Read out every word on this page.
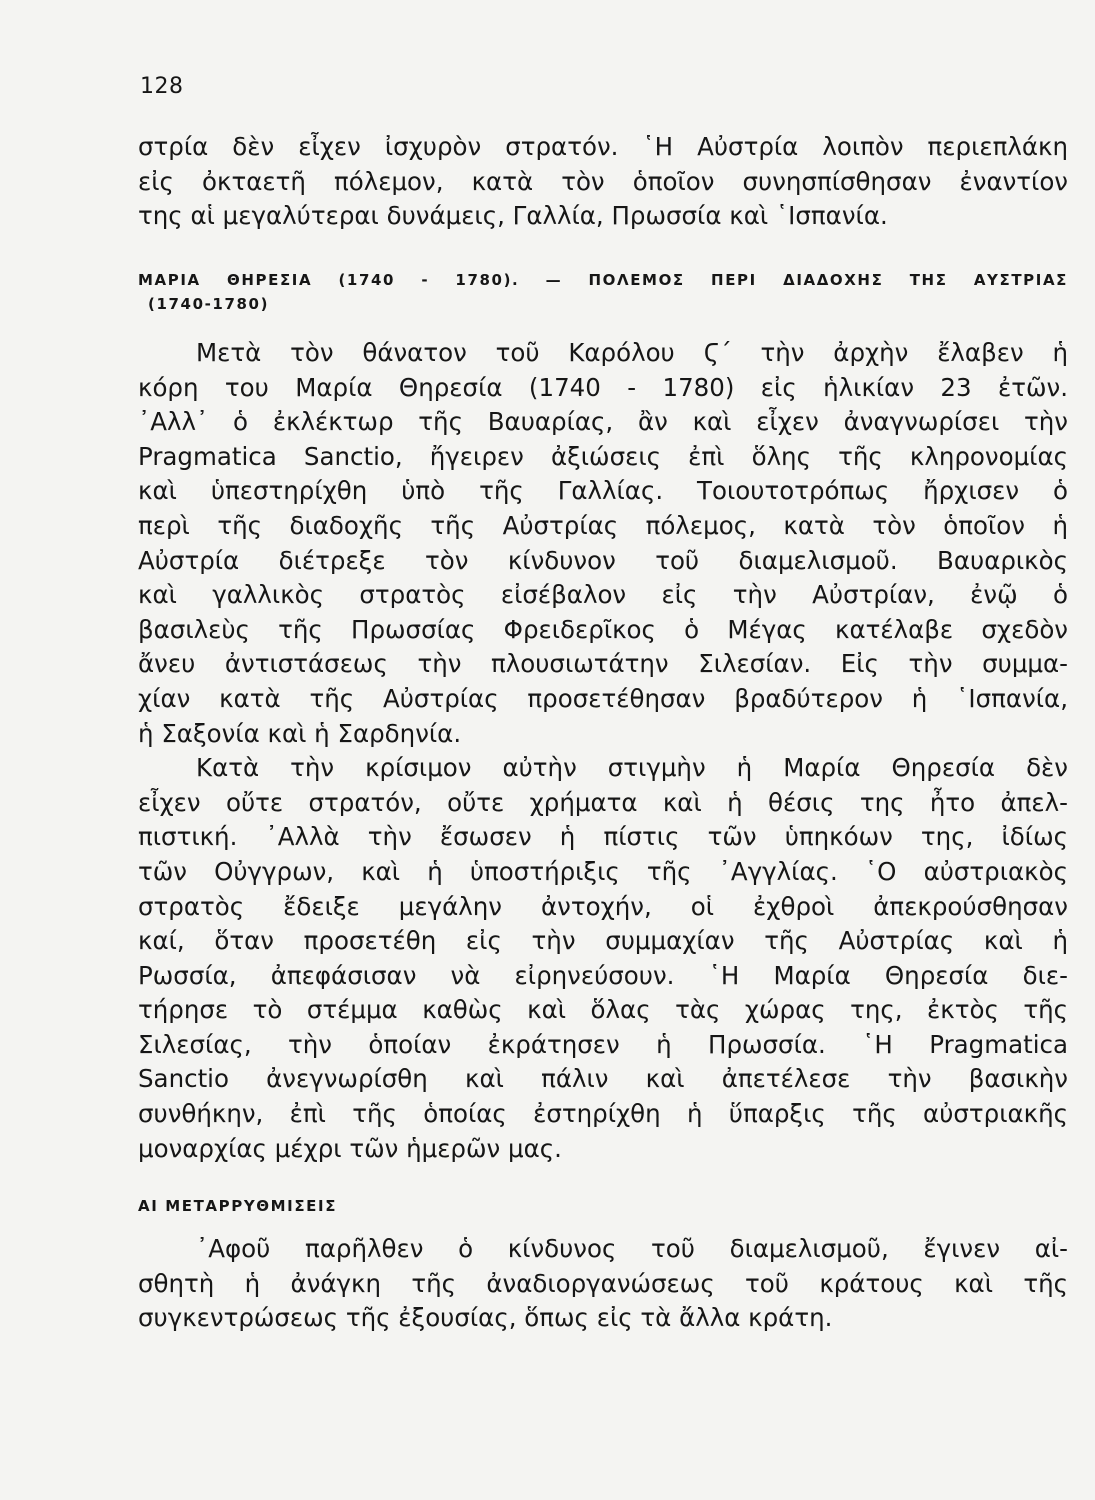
128
στρία δὲν εἶχεν ἰσχυρὸν στρατόν. ῾Η Αὐστρία λοιπὸν περιεπλάκη
εἰς ὀκταετῆ πόλεμον, κατὰ τὸν ὁποῖον συνησπίσθησαν ἐναντίον
της αἱ μεγαλύτεραι δυνάμεις, Γαλλία, Πρωσσία καὶ ῾Ισπανία.
ΜΑΡΙΑ ΘΗΡΕΣΙΑ (1740 - 1780). — ΠΟΛΕΜΟΣ ΠΕΡΙ ΔΙΑΔΟΧΗΣ ΤΗΣ ΑΥΣΤΡΙΑΣ
(1740-1780)
Μετὰ τὸν θάνατον τοῦ Καρόλου Ϛ´ τὴν ἀρχὴν ἔλαβεν ἡ
κόρη του Μαρία Θηρεσία (1740 - 1780) εἰς ἡλικίαν 23 ἐτῶν.
᾽Αλλ᾽ ὁ ἐκλέκτωρ τῆς Βαυαρίας, ἂν καὶ εἶχεν ἀναγνωρίσει τὴν
Pragmatica Sanctio, ἤγειρεν ἀξιώσεις ἐπὶ ὅλης τῆς κληρονομίας
καὶ ὑπεστηρίχθη ὑπὸ τῆς Γαλλίας. Τοιουτοτρόπως ἤρχισεν ὁ
περὶ τῆς διαδοχῆς τῆς Αὐστρίας πόλεμος, κατὰ τὸν ὁποῖον ἡ
Αὐστρία διέτρεξε τὸν κίνδυνον τοῦ διαμελισμοῦ. Βαυαρικὸς
καὶ γαλλικὸς στρατὸς εἰσέβαλον εἰς τὴν Αὐστρίαν, ἐνῷ ὁ
βασιλεὺς τῆς Πρωσσίας Φρειδερῖκος ὁ Μέγας κατέλαβε σχεδὸν
ἄνευ ἀντιστάσεως τὴν πλουσιωτάτην Σιλεσίαν. Εἰς τὴν συμμα-
χίαν κατὰ τῆς Αὐστρίας προσετέθησαν βραδύτερον ἡ ῾Ισπανία,
ἡ Σαξονία καὶ ἡ Σαρδηνία.
Κατὰ τὴν κρίσιμον αὐτὴν στιγμὴν ἡ Μαρία Θηρεσία δὲν
εἶχεν οὔτε στρατόν, οὔτε χρήματα καὶ ἡ θέσις της ἦτο ἀπελ-
πιστική. ᾽Αλλὰ τὴν ἔσωσεν ἡ πίστις τῶν ὑπηκόων της, ἰδίως
τῶν Οὐγγρων, καὶ ἡ ὑποστήριξις τῆς ᾽Αγγλίας. ῾Ο αὐστριακὸς
στρατὸς ἔδειξε μεγάλην ἀντοχήν, οἱ ἐχθροὶ ἀπεκρούσθησαν
καί, ὅταν προσετέθη εἰς τὴν συμμαχίαν τῆς Αὐστρίας καὶ ἡ
Ρωσσία, ἀπεφάσισαν νὰ εἰρηνεύσουν. ῾Η Μαρία Θηρεσία διε-
τήρησε τὸ στέμμα καθὼς καὶ ὅλας τὰς χώρας της, ἐκτὸς τῆς
Σιλεσίας, τὴν ὁποίαν ἐκράτησεν ἡ Πρωσσία. ῾Η Pragmatica
Sanctio ἀνεγνωρίσθη καὶ πάλιν καὶ ἀπετέλεσε τὴν βασικὴν
συνθήκην, ἐπὶ τῆς ὁποίας ἐστηρίχθη ἡ ὕπαρξις τῆς αὐστριακῆς
μοναρχίας μέχρι τῶν ἡμερῶν μας.
ΑΙ ΜΕΤΑΡΡΥΘΜΙΣΕΙΣ
᾽Αφοῦ παρῆλθεν ὁ κίνδυνος τοῦ διαμελισμοῦ, ἔγινεν αἰ-
σθητὴ ἡ ἀνάγκη τῆς ἀναδιοργανώσεως τοῦ κράτους καὶ τῆς
συγκεντρώσεως τῆς ἐξουσίας, ὅπως εἰς τὰ ἄλλα κράτη.
